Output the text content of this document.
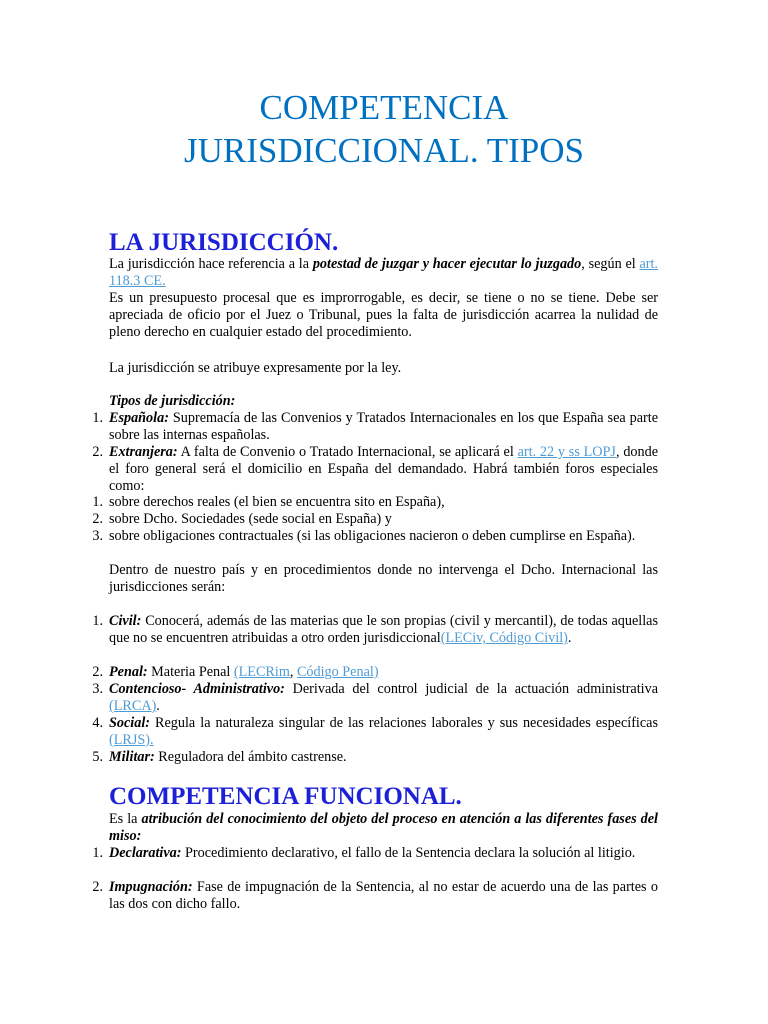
COMPETENCIA
JURISDICCIONAL. TIPOS
LA JURISDICCIÓN.

La jurisdicción hace referencia a la potestad de juzgar y hacer ejecutar lo juzgado, según el art. 118.3 CE.

Es un presupuesto procesal que es improrrogable, es decir, se tiene o no se tiene. Debe ser apreciada de oficio por el Juez o Tribunal, pues la falta de jurisdicción acarrea la nulidad de pleno derecho en cualquier estado del procedimiento.

La jurisdicción se atribuye expresamente por la ley.

Tipos de jurisdicción:

1. Española: Supremacía de las Convenios y Tratados Internacionales en los que España sea parte sobre las internas españolas.
2. Extranjera: A falta de Convenio o Tratado Internacional, se aplicará el art. 22 y ss LOPJ, donde el foro general será el domicilio en España del demandado. Habrá también foros especiales como:
1. sobre derechos reales (el bien se encuentra sito en España),
2. sobre Dcho. Sociedades (sede social en España) y
3. sobre obligaciones contractuales (si las obligaciones nacieron o deben cumplirse en España).

Dentro de nuestro país y en procedimientos donde no intervenga el Dcho. Internacional las jurisdicciones serán:

1. Civil: Conocerá, además de las materias que le son propias (civil y mercantil), de todas aquellas que no se encuentren atribuidas a otro orden jurisdiccional(LECiv, Código Civil).
2. Penal: Materia Penal (LECRim, Código Penal)
3. Contencioso- Administrativo: Derivada del control judicial de la actuación administrativa (LRCA).
4. Social: Regula la naturaleza singular de las relaciones laborales y sus necesidades específicas (LRJS).
5. Militar: Reguladora del ámbito castrense.
COMPETENCIA FUNCIONAL.

Es la atribución del conocimiento del objeto del proceso en atención a las diferentes fases del miso:

1. Declarativa: Procedimiento declarativo, el fallo de la Sentencia declara la solución al litigio.
2. Impugnación: Fase de impugnación de la Sentencia, al no estar de acuerdo una de las partes o las dos con dicho fallo.
